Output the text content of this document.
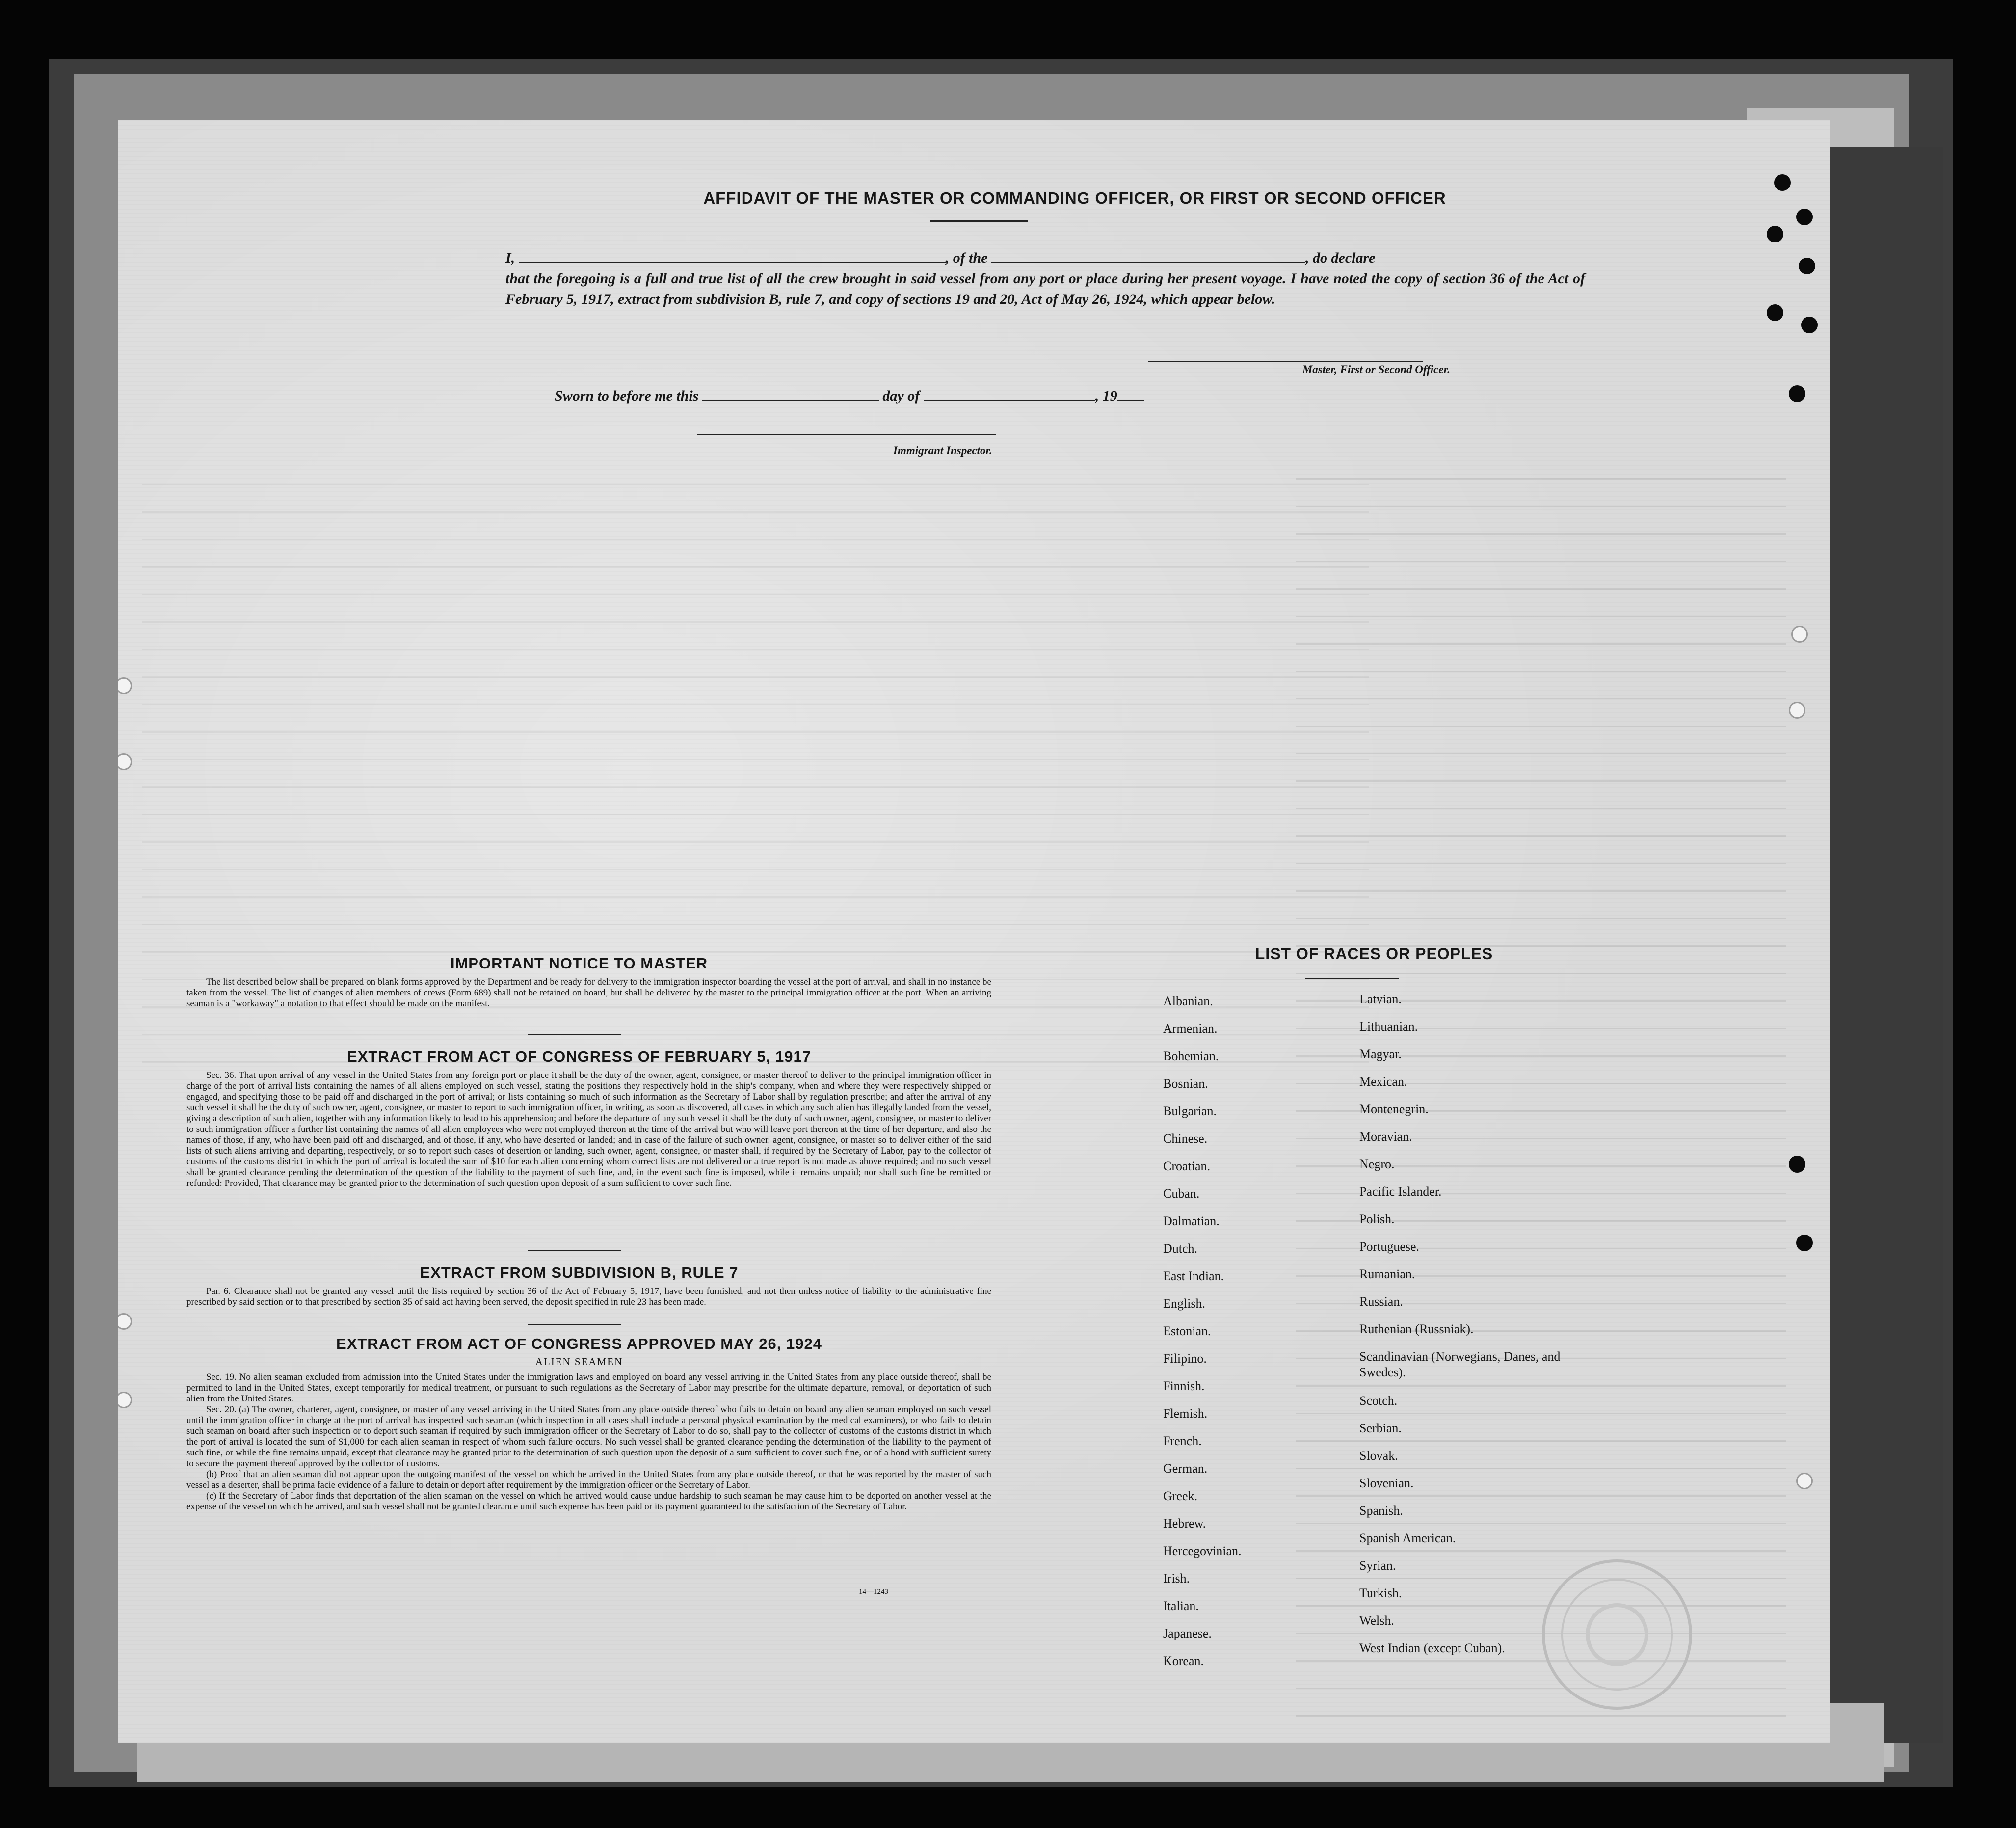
AFFIDAVIT OF THE MASTER OR COMMANDING OFFICER, OR FIRST OR SECOND OFFICER
I,	, of the	, do declare
that the foregoing is a full and true list of all the crew brought in said vessel from any port or place during her present voyage. I have noted the copy of section 36 of the Act of February 5, 1917, extract from subdivision B, rule 7, and copy of sections 19 and 20, Act of May 26, 1924, which appear below.
Master, First or Second Officer.
Sworn to before me this	day of	, 19
Immigrant Inspector.
IMPORTANT NOTICE TO MASTER

The list described below shall be prepared on blank forms approved by the Department and be ready for delivery to the immigration inspector boarding the vessel at the port of arrival, and shall in no instance be taken from the vessel. The list of changes of alien members of crews (Form 689) shall not be retained on board, but shall be delivered by the master to the principal immigration officer at the port. When an arriving seaman is a "workaway" a notation to that effect should be made on the manifest.

EXTRACT FROM ACT OF CONGRESS OF FEBRUARY 5, 1917

Sec. 36. That upon arrival of any vessel in the United States from any foreign port or place it shall be the duty of the owner, agent, consignee, or master thereof to deliver to the principal immigration officer in charge of the port of arrival lists containing the names of all aliens employed on such vessel, stating the positions they respectively hold in the ship's company, when and where they were respectively shipped or engaged, and specifying those to be paid off and discharged in the port of arrival; or lists containing so much of such information as the Secretary of Labor shall by regulation prescribe; and after the arrival of any such vessel it shall be the duty of such owner, agent, consignee, or master to report to such immigration officer, in writing, as soon as discovered, all cases in which any such alien has illegally landed from the vessel, giving a description of such alien, together with any information likely to lead to his apprehension; and before the departure of any such vessel it shall be the duty of such owner, agent, consignee, or master to deliver to such immigration officer a further list containing the names of all alien employees who were not employed thereon at the time of the arrival but who will leave port thereon at the time of her departure, and also the names of those, if any, who have been paid off and discharged, and of those, if any, who have deserted or landed; and in case of the failure of such owner, agent, consignee, or master so to deliver either of the said lists of such aliens arriving and departing, respectively, or so to report such cases of desertion or landing, such owner, agent, consignee, or master shall, if required by the Secretary of Labor, pay to the collector of customs of the customs district in which the port of arrival is located the sum of $10 for each alien concerning whom correct lists are not delivered or a true report is not made as above required; and no such vessel shall be granted clearance pending the determination of the question of the liability to the payment of such fine, and, in the event such fine is imposed, while it remains unpaid; nor shall such fine be remitted or refunded: Provided, That clearance may be granted prior to the determination of such question upon deposit of a sum sufficient to cover such fine.

EXTRACT FROM SUBDIVISION B, RULE 7

Par. 6. Clearance shall not be granted any vessel until the lists required by section 36 of the Act of February 5, 1917, have been furnished, and not then unless notice of liability to the administrative fine prescribed by said section or to that prescribed by section 35 of said act having been served, the deposit specified in rule 23 has been made.

EXTRACT FROM ACT OF CONGRESS APPROVED MAY 26, 1924
ALIEN SEAMEN

Sec. 19. No alien seaman excluded from admission into the United States under the immigration laws and employed on board any vessel arriving in the United States from any place outside thereof, shall be permitted to land in the United States, except temporarily for medical treatment, or pursuant to such regulations as the Secretary of Labor may prescribe for the ultimate departure, removal, or deportation of such alien from the United States.

Sec. 20. (a) The owner, charterer, agent, consignee, or master of any vessel arriving in the United States from any place outside thereof who fails to detain on board any alien seaman employed on such vessel until the immigration officer in charge at the port of arrival has inspected such seaman (which inspection in all cases shall include a personal physical examination by the medical examiners), or who fails to detain such seaman on board after such inspection or to deport such seaman if required by such immigration officer or the Secretary of Labor to do so, shall pay to the collector of customs of the customs district in which the port of arrival is located the sum of $1,000 for each alien seaman in respect of whom such failure occurs. No such vessel shall be granted clearance pending the determination of the liability to the payment of such fine, or while the fine remains unpaid, except that clearance may be granted prior to the determination of such question upon the deposit of a sum sufficient to cover such fine, or of a bond with sufficient surety to secure the payment thereof approved by the collector of customs.

(b) Proof that an alien seaman did not appear upon the outgoing manifest of the vessel on which he arrived in the United States from any place outside thereof, or that he was reported by the master of such vessel as a deserter, shall be prima facie evidence of a failure to detain or deport after requirement by the immigration officer or the Secretary of Labor.

(c) If the Secretary of Labor finds that deportation of the alien seaman on the vessel on which he arrived would cause undue hardship to such seaman he may cause him to be deported on another vessel at the expense of the vessel on which he arrived, and such vessel shall not be granted clearance until such expense has been paid or its payment guaranteed to the satisfaction of the Secretary of Labor.

14—1243
LIST OF RACES OR PEOPLES
Albanian.
Armenian.
Bohemian.
Bosnian.
Bulgarian.
Chinese.
Croatian.
Cuban.
Dalmatian.
Dutch.
East Indian.
English.
Estonian.
Filipino.
Finnish.
Flemish.
French.
German.
Greek.
Hebrew.
Hercegovinian.
Irish.
Italian.
Japanese.
Korean.
Latvian.
Lithuanian.
Magyar.
Mexican.
Montenegrin.
Moravian.
Negro.
Pacific Islander.
Polish.
Portuguese.
Rumanian.
Russian.
Ruthenian (Russniak).
Scandinavian (Norwegians, Danes, and Swedes).
Scotch.
Serbian.
Slovak.
Slovenian.
Spanish.
Spanish American.
Syrian.
Turkish.
Welsh.
West Indian (except Cuban).
